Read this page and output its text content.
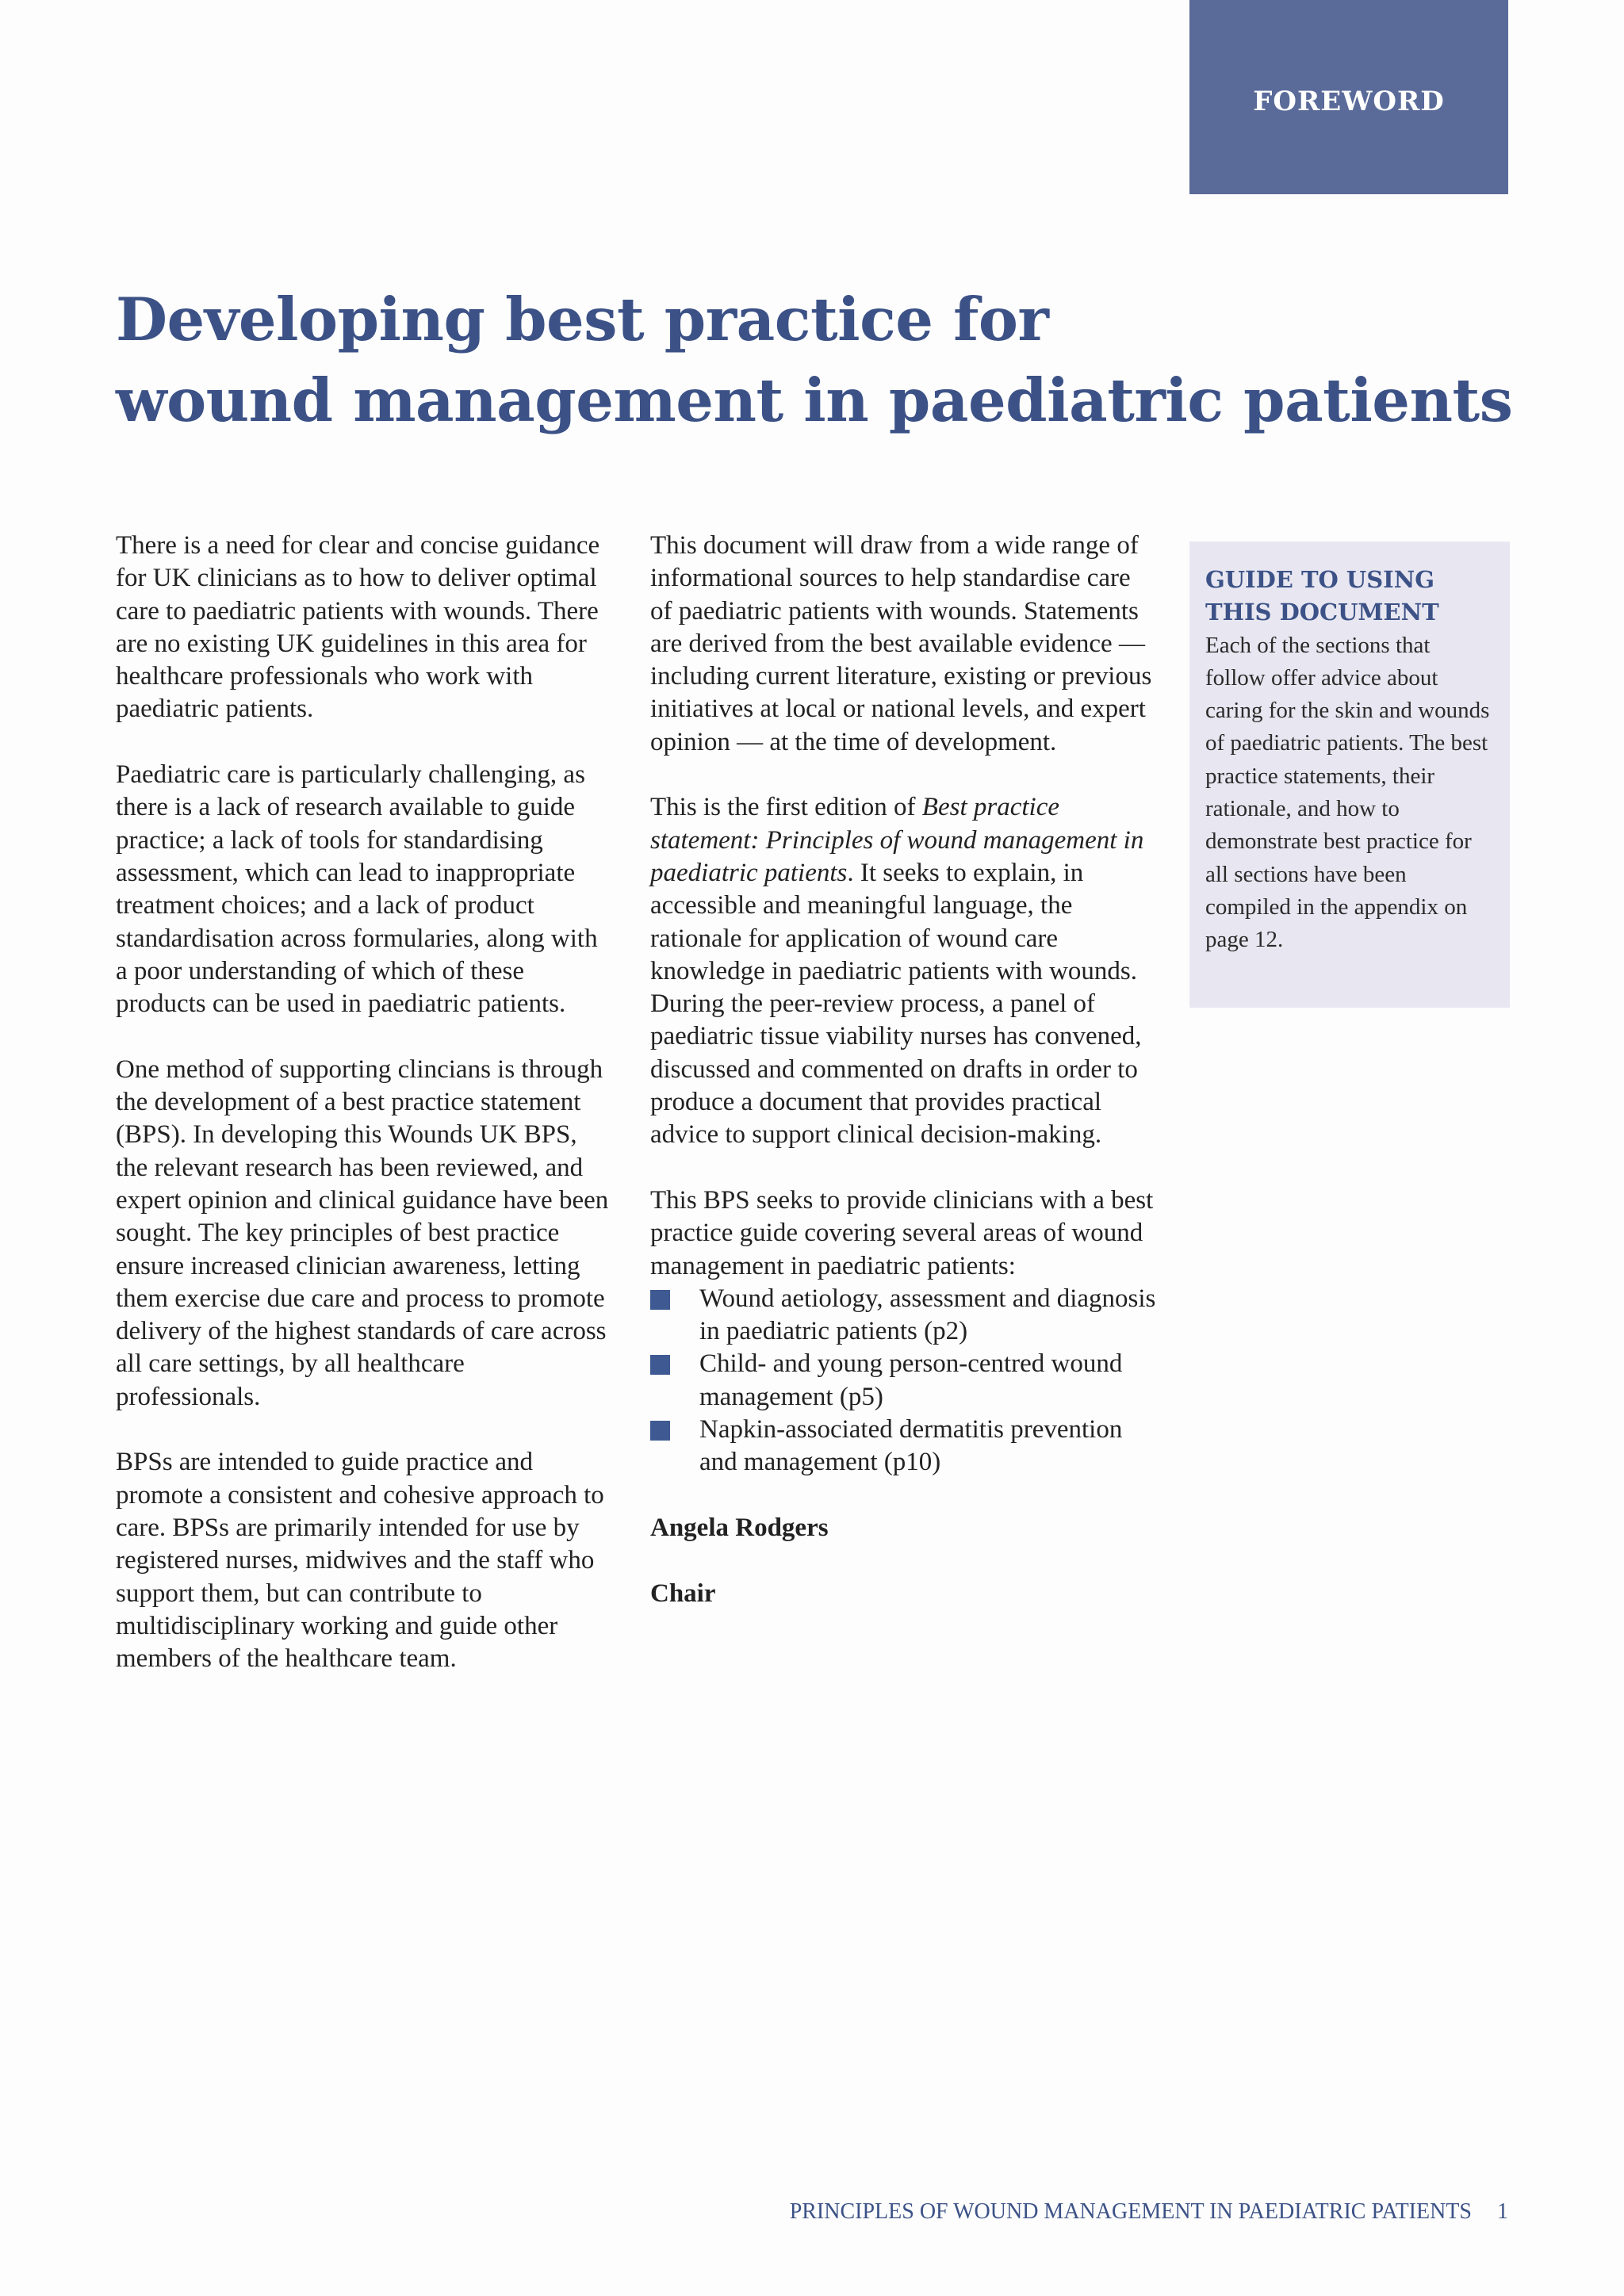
FOREWORD
Developing best practice for
wound management in paediatric patients

There is a need for clear and concise guidance for UK clinicians as to how to deliver optimal care to paediatric patients with wounds. There are no existing UK guidelines in this area for healthcare professionals who work with paediatric patients.

Paediatric care is particularly challenging, as there is a lack of research available to guide practice; a lack of tools for standardising assessment, which can lead to inappropriate treatment choices; and a lack of product standardisation across formularies, along with a poor understanding of which of these products can be used in paediatric patients.

One method of supporting clincians is through the development of a best practice statement (BPS). In developing this Wounds UK BPS, the relevant research has been reviewed, and expert opinion and clinical guidance have been sought. The key principles of best practice ensure increased clinician awareness, letting them exercise due care and process to promote delivery of the highest standards of care across all care settings, by all healthcare professionals.

BPSs are intended to guide practice and promote a consistent and cohesive approach to care. BPSs are primarily intended for use by registered nurses, midwives and the staff who support them, but can contribute to multidisciplinary working and guide other members of the healthcare team.

This document will draw from a wide range of informational sources to help standardise care of paediatric patients with wounds. Statements are derived from the best available evidence — including current literature, existing or previous initiatives at local or national levels, and expert opinion — at the time of development.

This is the first edition of Best practice statement: Principles of wound management in paediatric patients. It seeks to explain, in accessible and meaningful language, the rationale for application of wound care knowledge in paediatric patients with wounds. During the peer-review process, a panel of paediatric tissue viability nurses has convened, discussed and commented on drafts in order to produce a document that provides practical advice to support clinical decision-making.

This BPS seeks to provide clinicians with a best practice guide covering several areas of wound management in paediatric patients:

Wound aetiology, assessment and diagnosis in paediatric patients (p2)
Child- and young person-centred wound management (p5)
Napkin-associated dermatitis prevention and management (p10)

Angela Rodgers

Chair

GUIDE TO USING THIS DOCUMENT

Each of the sections that follow offer advice about caring for the skin and wounds of paediatric patients. The best practice statements, their rationale, and how to demonstrate best practice for all sections have been compiled in the appendix on page 12.

PRINCIPLES OF WOUND MANAGEMENT IN PAEDIATRIC PATIENTS 1
